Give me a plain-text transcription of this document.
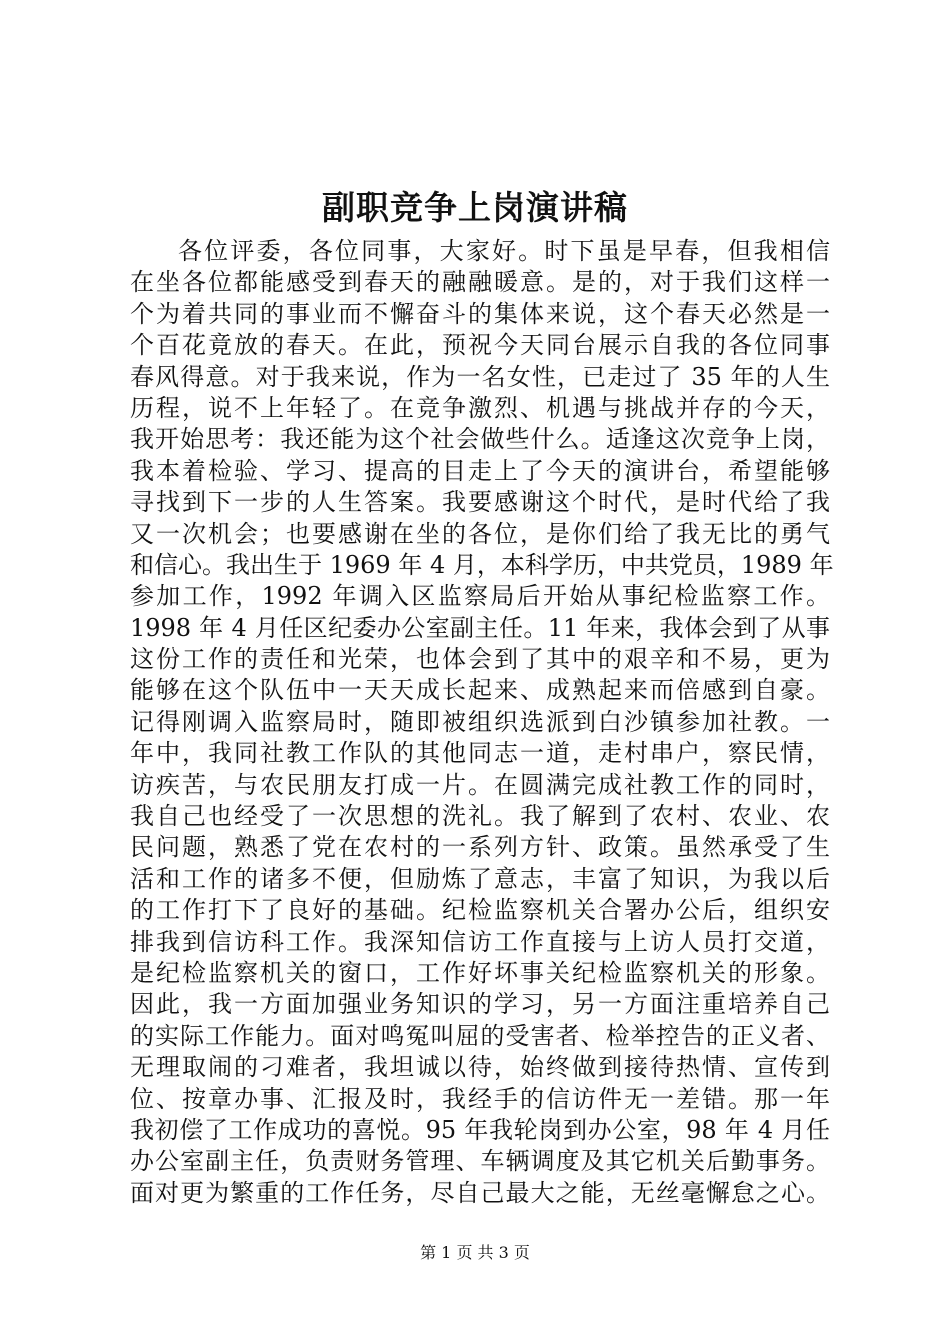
副职竞争上岗演讲稿
各位评委，各位同事，大家好。时下虽是早春，但我相信
在坐各位都能感受到春天的融融暖意。是的，对于我们这样一
个为着共同的事业而不懈奋斗的集体来说，这个春天必然是一
个百花竟放的春天。在此，预祝今天同台展示自我的各位同事
春风得意。对于我来说，作为一名女性，已走过了 35 年的人生
历程，说不上年轻了。在竞争激烈、机遇与挑战并存的今天，
我开始思考：我还能为这个社会做些什么。适逢这次竞争上岗，
我本着检验、学习、提高的目走上了今天的演讲台，希望能够
寻找到下一步的人生答案。我要感谢这个时代，是时代给了我
又一次机会；也要感谢在坐的各位，是你们给了我无比的勇气
和信心。我出生于 1969 年 4 月，本科学历，中共党员，1989 年
参加工作，1992 年调入区监察局后开始从事纪检监察工作。
1998 年 4 月任区纪委办公室副主任。11 年来，我体会到了从事
这份工作的责任和光荣，也体会到了其中的艰辛和不易，更为
能够在这个队伍中一天天成长起来、成熟起来而倍感到自豪。
记得刚调入监察局时，随即被组织选派到白沙镇参加社教。一
年中，我同社教工作队的其他同志一道，走村串户，察民情，
访疾苦，与农民朋友打成一片。在圆满完成社教工作的同时，
我自己也经受了一次思想的洗礼。我了解到了农村、农业、农
民问题，熟悉了党在农村的一系列方针、政策。虽然承受了生
活和工作的诸多不便，但励炼了意志，丰富了知识，为我以后
的工作打下了良好的基础。纪检监察机关合署办公后，组织安
排我到信访科工作。我深知信访工作直接与上访人员打交道，
是纪检监察机关的窗口，工作好坏事关纪检监察机关的形象。
因此，我一方面加强业务知识的学习，另一方面注重培养自己
的实际工作能力。面对鸣冤叫屈的受害者、检举控告的正义者、
无理取闹的刁难者，我坦诚以待，始终做到接待热情、宣传到
位、按章办事、汇报及时，我经手的信访件无一差错。那一年
我初偿了工作成功的喜悦。95 年我轮岗到办公室，98 年 4 月任
办公室副主任，负责财务管理、车辆调度及其它机关后勤事务。
面对更为繁重的工作任务，尽自己最大之能，无丝毫懈怠之心。
第 1 页 共 3 页
